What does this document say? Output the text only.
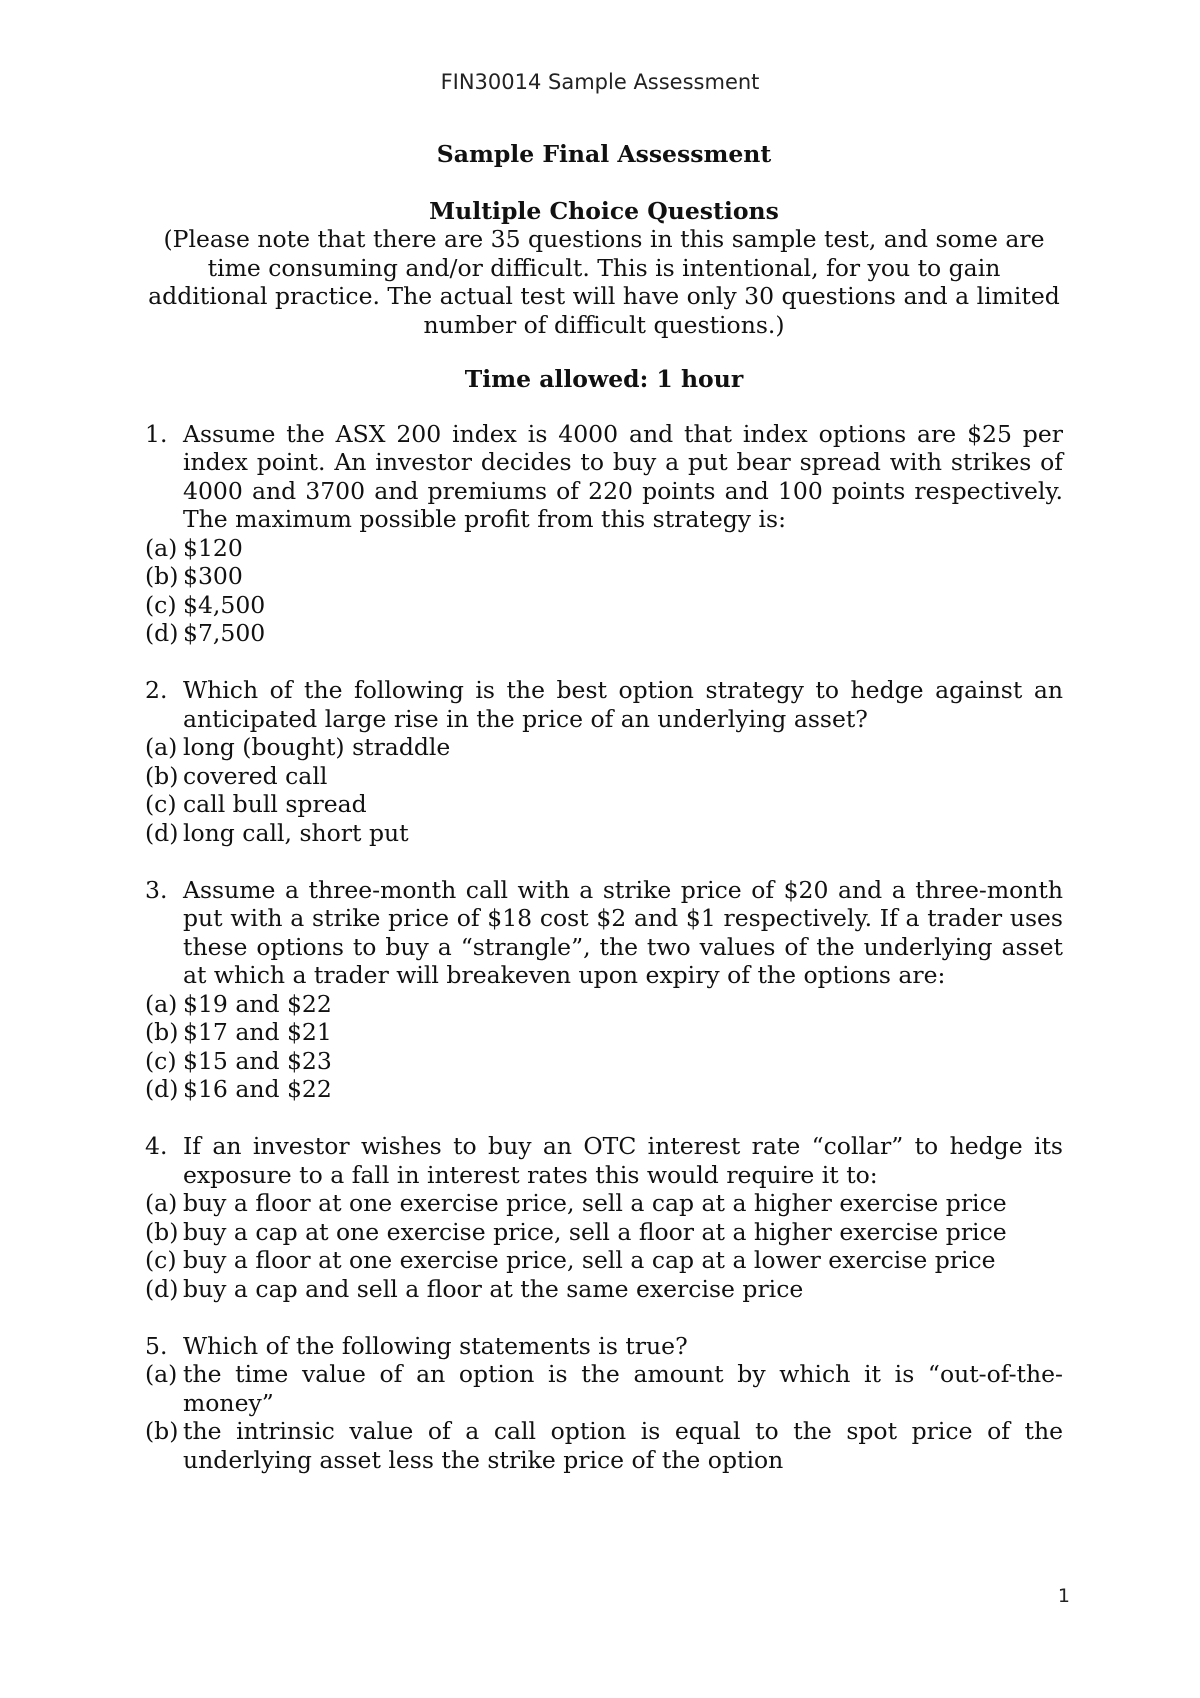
FIN30014 Sample Assessment

Sample Final Assessment

Multiple Choice Questions

(Please note that there are 35 questions in this sample test, and some are time consuming and/or difficult. This is intentional, for you to gain additional practice. The actual test will have only 30 questions and a limited number of difficult questions.)

Time allowed: 1 hour

1. Assume the ASX 200 index is 4000 and that index options are $25 per index point. An investor decides to buy a put bear spread with strikes of 4000 and 3700 and premiums of 220 points and 100 points respectively. The maximum possible profit from this strategy is:
(a) $120
(b) $300
(c) $4,500
(d) $7,500
2. Which of the following is the best option strategy to hedge against an anticipated large rise in the price of an underlying asset?
(a) long (bought) straddle
(b) covered call
(c) call bull spread
(d) long call, short put
3. Assume a three-month call with a strike price of $20 and a three-month put with a strike price of $18 cost $2 and $1 respectively. If a trader uses these options to buy a “strangle”, the two values of the underlying asset at which a trader will breakeven upon expiry of the options are:
(a) $19 and $22
(b) $17 and $21
(c) $15 and $23
(d) $16 and $22
4. If an investor wishes to buy an OTC interest rate “collar” to hedge its exposure to a fall in interest rates this would require it to:
(a) buy a floor at one exercise price, sell a cap at a higher exercise price
(b) buy a cap at one exercise price, sell a floor at a higher exercise price
(c) buy a floor at one exercise price, sell a cap at a lower exercise price
(d) buy a cap and sell a floor at the same exercise price
5. Which of the following statements is true?
(a) the time value of an option is the amount by which it is “out-of-the-money”
(b) the intrinsic value of a call option is equal to the spot price of the underlying asset less the strike price of the option
1
